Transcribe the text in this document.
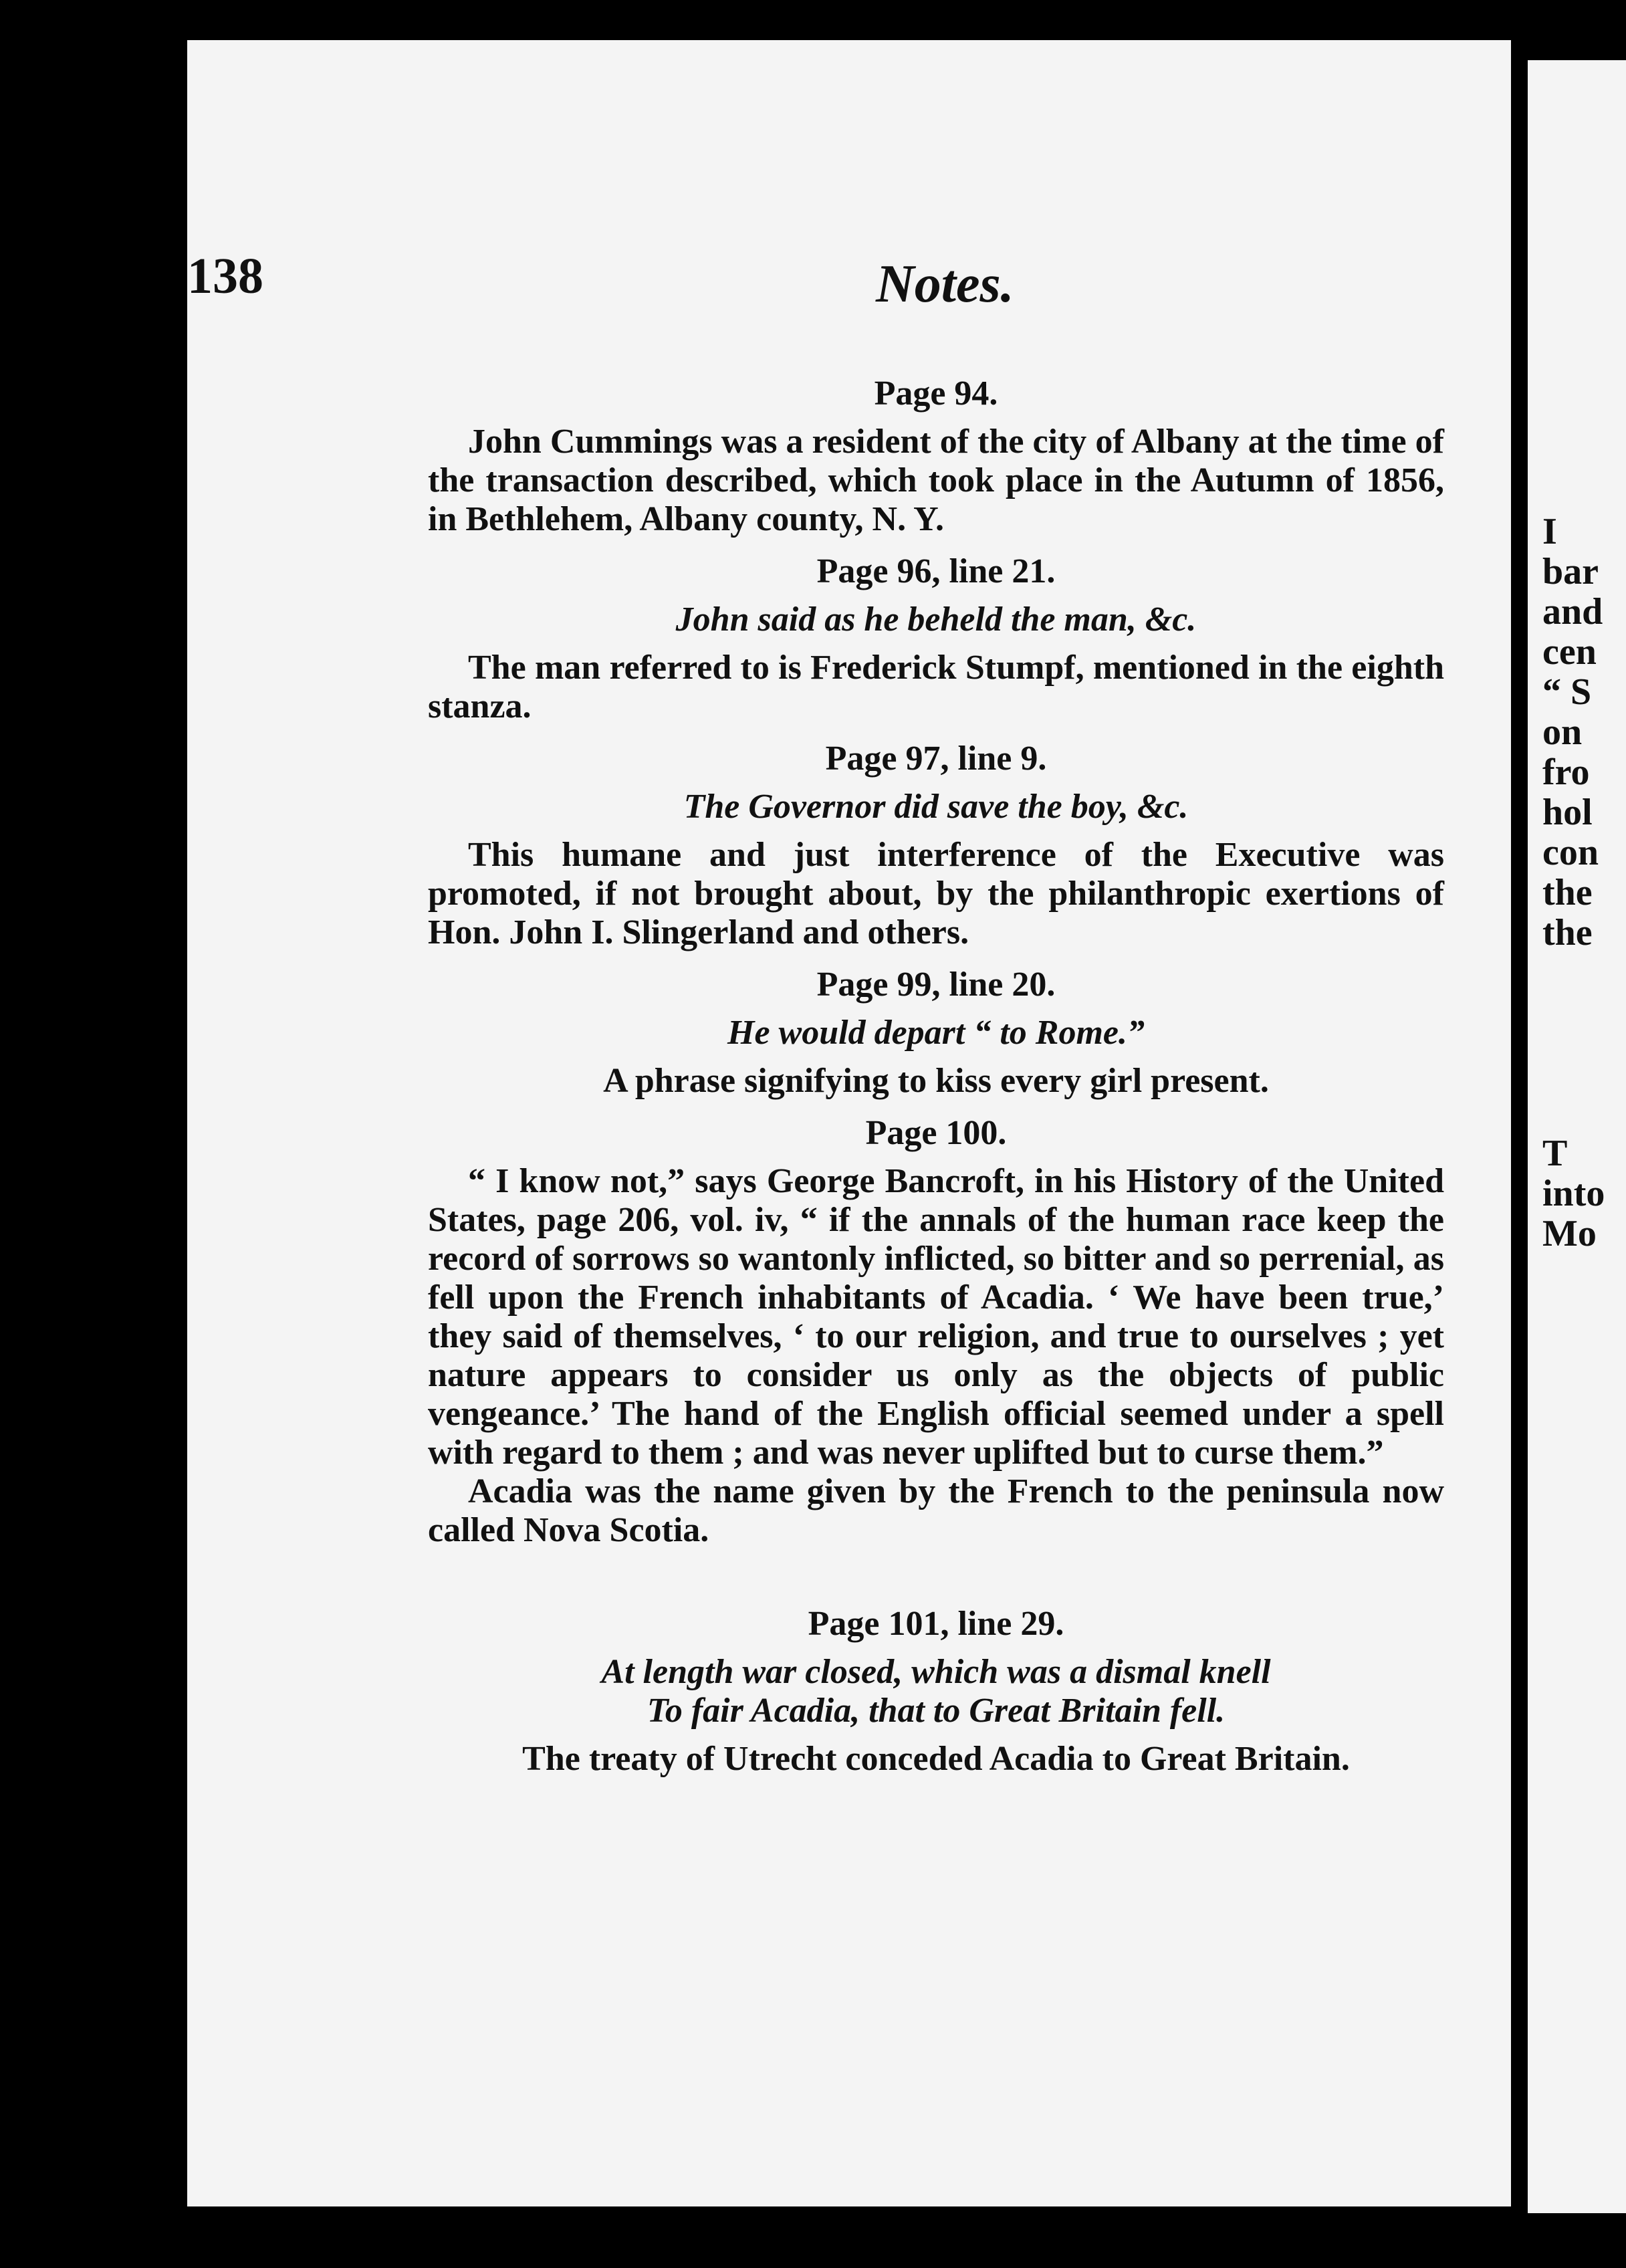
I
bar
and
cen
“ S
on
fro
hol
con
the
the
T
into
Mo
138	Notes.

Page 94.

John Cummings was a resident of the city of Albany at the time of the transaction described, which took place in the Autumn of 1856, in Bethlehem, Albany county, N. Y.

Page 96, line 21.

John said as he beheld the man, &c.

The man referred to is Frederick Stumpf, mentioned in the eighth stanza.

Page 97, line 9.

The Governor did save the boy, &c.

This humane and just interference of the Executive was promoted, if not brought about, by the philanthropic exertions of Hon. John I. Slingerland and others.

Page 99, line 20.

He would depart “ to Rome.”

A phrase signifying to kiss every girl present.

Page 100.

“ I know not,” says George Bancroft, in his History of the United States, page 206, vol. iv, “ if the annals of the human race keep the record of sorrows so wantonly inflicted, so bitter and so perrenial, as fell upon the French inhabitants of Acadia. ‘ We have been true,’ they said of themselves, ‘ to our religion, and true to ourselves ; yet nature appears to consider us only as the objects of public vengeance.’ The hand of the English official seemed under a spell with regard to them ; and was never uplifted but to curse them.”

Acadia was the name given by the French to the peninsula now called Nova Scotia.

Page 101, line 29.

At length war closed, which was a dismal knell

To fair Acadia, that to Great Britain fell.

The treaty of Utrecht conceded Acadia to Great Britain.
